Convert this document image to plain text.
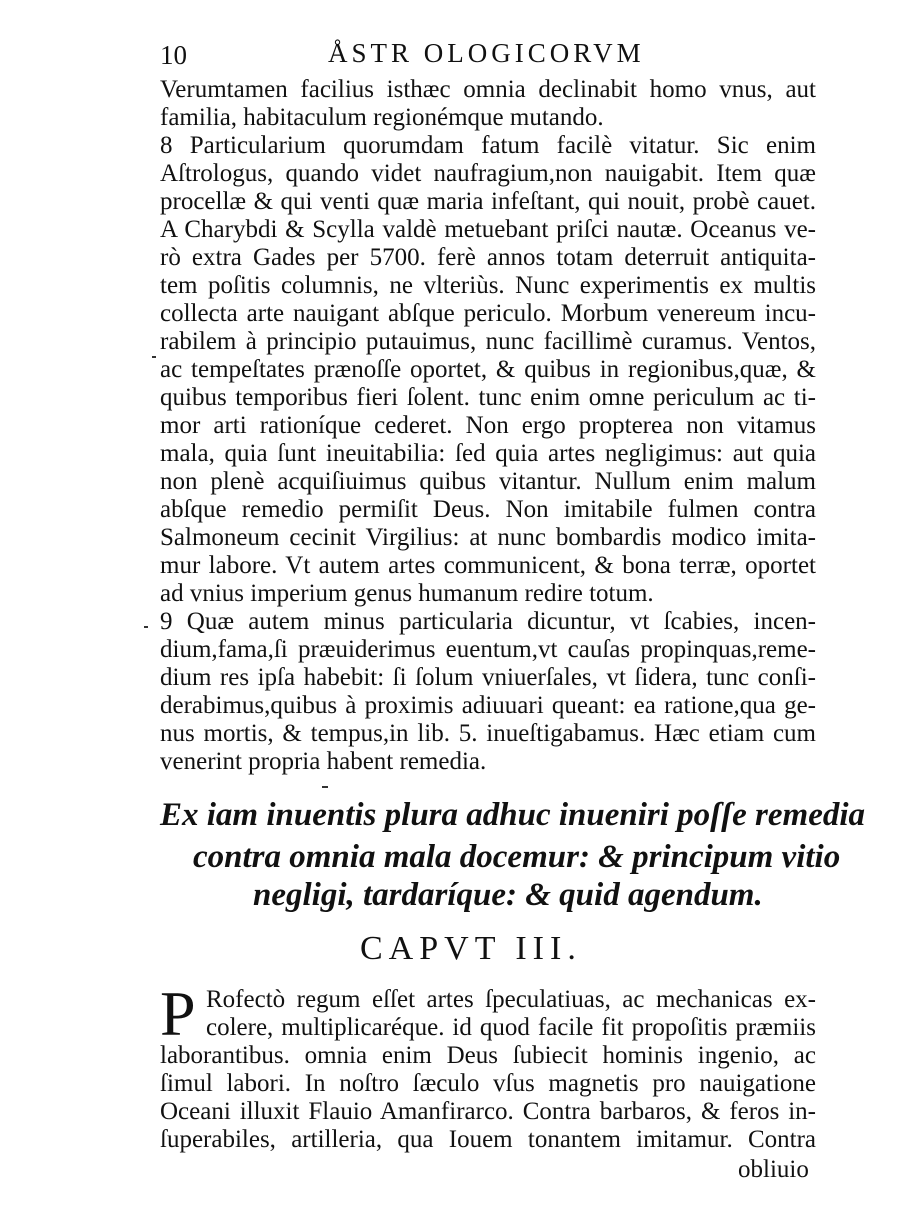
10	ÅSTR OLOGICORVM
Verumtamen facilius isthæc omnia declinabit homo vnus, aut
familia, habitaculum regionémque mutando.
8 Particularium quorumdam fatum facilè vitatur. Sic enim
Aſtrologus, quando videt naufragium,non nauigabit. Item quæ
procellæ & qui venti quæ maria infeſtant, qui nouit, probè cauet.
A Charybdi & Scylla valdè metuebant priſci nautæ. Oceanus ve-
rò extra Gades per 5700. ferè annos totam deterruit antiquita-
tem poſitis columnis, ne vlteriùs. Nunc experimentis ex multis
collecta arte nauigant abſque periculo. Morbum venereum incu-
rabilem à principio putauimus, nunc facillimè curamus. Ventos,
ac tempeſtates prænoſſe oportet, & quibus in regionibus,quæ, &
quibus temporibus fieri ſolent. tunc enim omne periculum ac ti-
mor arti rationíque cederet. Non ergo propterea non vitamus
mala, quia ſunt ineuitabilia: ſed quia artes negligimus: aut quia
non plenè acquiſiuimus quibus vitantur. Nullum enim malum
abſque remedio permiſit Deus. Non imitabile fulmen contra
Salmoneum cecinit Virgilius: at nunc bombardis modico imita-
mur labore. Vt autem artes communicent, & bona terræ, oportet
ad vnius imperium genus humanum redire totum.
9 Quæ autem minus particularia dicuntur, vt ſcabies, incen-
dium,fama,ſi præuiderimus euentum,vt cauſas propinquas,reme-
dium res ipſa habebit: ſi ſolum vniuerſales, vt ſidera, tunc conſi-
derabimus,quibus à proximis adiuuari queant: ea ratione,qua ge-
nus mortis, & tempus,in lib. 5. inueſtigabamus. Hæc etiam cum
venerint propria habent remedia.
Ex iam inuentis plura adhuc inueniri poſſe remedia
contra omnia mala docemur: & principum vitio
negligi, tardaríque: & quid agendum.
CAPVT III.
P Rofectò regum eſſet artes ſpeculatiuas, ac mechanicas ex-
colere, multiplicaréque. id quod facile fit propoſitis præmiis
laborantibus. omnia enim Deus ſubiecit hominis ingenio, ac
ſimul labori. In noſtro ſæculo vſus magnetis pro nauigatione
Oceani illuxit Flauio Amanfirarco. Contra barbaros, & feros in-
ſuperabiles, artilleria, qua Iouem tonantem imitamur. Contra
obliuio
